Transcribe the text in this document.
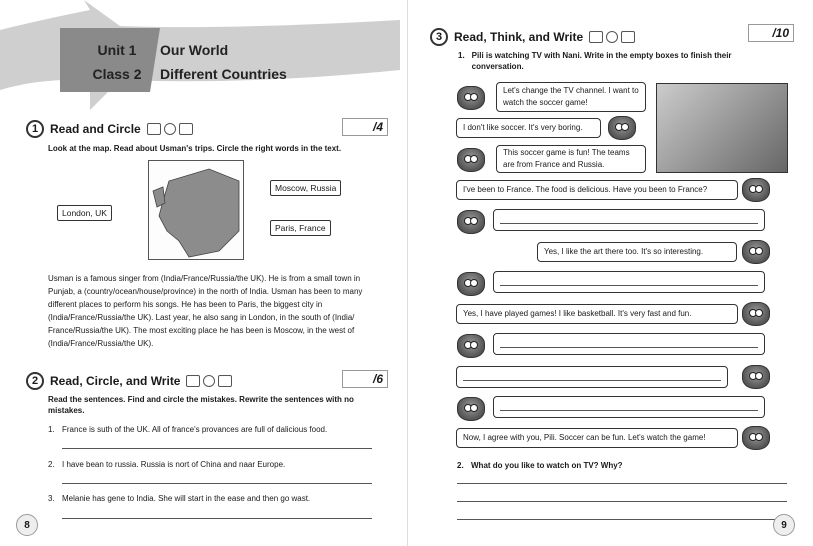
Unit 1
Class 2
Our World
Different Countries
1 Read and Circle	/4
Look at the map. Read about Usman's trips. Circle the right words in the text.
Moscow, Russia
London, UK
Paris, France
Usman is a famous singer from (India/France/Russia/the UK). He is from a small town in Punjab, a (country/ocean/house/province) in the north of India. Usman has been to many different places to perform his songs. He has been to Paris, the biggest city in (India/France/Russia/the UK). Last year, he also sang in London, in the south of (India/ France/Russia/the UK). The most exciting place he has been is Moscow, in the west of (India/France/Russia/the UK).
2 Read, Circle, and Write	/6
Read the sentences. Find and circle the mistakes. Rewrite the sentences with no mistakes.
1. France is suth of the UK. All of france's provances are full of dalicious food.
2. I have bean to russia. Russia is nort of China and naar Europe.
3. Melanie has gene to India. She will start in the ease and then go wast.
8
3 Read, Think, and Write	/10
1. Pili is watching TV with Nani. Write in the empty boxes to finish their conversation.
Let's change the TV channel. I want to watch the soccer game!
I don't like soccer. It's very boring.
This soccer game is fun! The teams are from France and Russia.
I've been to France. The food is delicious. Have you been to France?
Yes, I like the art there too. It's so interesting.
Yes, I have played games! I like basketball. It's very fast and fun.
Now, I agree with you, Pili. Soccer can be fun. Let's watch the game!
2. What do you like to watch on TV? Why?
9
